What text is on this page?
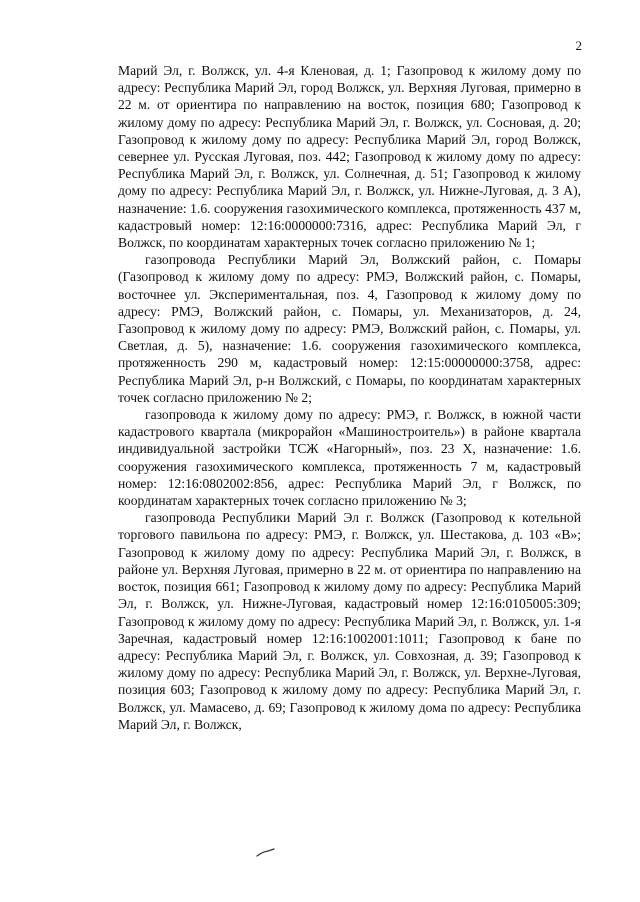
2

Марий Эл, г. Волжск, ул. 4-я Кленовая, д. 1; Газопровод к жилому дому по адресу: Республика Марий Эл, город Волжск, ул. Верхняя Луговая, примерно в 22 м. от ориентира по направлению на восток, позиция 680; Газопровод к жилому дому по адресу: Республика Марий Эл, г. Волжск, ул. Сосновая, д. 20; Газопровод к жилому дому по адресу: Республика Марий Эл, город Волжск, севернее ул. Русская Луговая, поз. 442; Газопровод к жилому дому по адресу: Республика Марий Эл, г. Волжск, ул. Солнечная, д. 51; Газопровод к жилому дому по адресу: Республика Марий Эл, г. Волжск, ул. Нижне-Луговая, д. 3 А), назначение: 1.6. сооружения газохимического комплекса, протяженность 437 м, кадастровый номер: 12:16:0000000:7316, адрес: Республика Марий Эл, г Волжск, по координатам характерных точек согласно приложению № 1;

газопровода Республики Марий Эл, Волжский район, с. Помары (Газопровод к жилому дому по адресу: РМЭ, Волжский район, с. Помары, восточнее ул. Экспериментальная, поз. 4, Газопровод к жилому дому по адресу: РМЭ, Волжский район, с. Помары, ул. Механизаторов, д. 24, Газопровод к жилому дому по адресу: РМЭ, Волжский район, с. Помары, ул. Светлая, д. 5), назначение: 1.6. сооружения газохимического комплекса, протяженность 290 м, кадастровый номер: 12:15:00000000:3758, адрес: Республика Марий Эл, р-н Волжский, с Помары, по координатам характерных точек согласно приложению № 2;

газопровода к жилому дому по адресу: РМЭ, г. Волжск, в южной части кадастрового квартала (микрорайон «Машиностроитель») в районе квартала индивидуальной застройки ТСЖ «Нагорный», поз. 23 Х, назначение: 1.6. сооружения газохимического комплекса, протяженность 7 м, кадастровый номер: 12:16:0802002:856, адрес: Республика Марий Эл, г Волжск, по координатам характерных точек согласно приложению № 3;

газопровода Республики Марий Эл г. Волжск (Газопровод к котельной торгового павильона по адресу: РМЭ, г. Волжск, ул. Шестакова, д. 103 «В»; Газопровод к жилому дому по адресу: Республика Марий Эл, г. Волжск, в районе ул. Верхняя Луговая, примерно в 22 м. от ориентира по направлению на восток, позиция 661; Газопровод к жилому дому по адресу: Республика Марий Эл, г. Волжск, ул. Нижне-Луговая, кадастровый номер 12:16:0105005:309; Газопровод к жилому дому по адресу: Республика Марий Эл, г. Волжск, ул. 1-я Заречная, кадастровый номер 12:16:1002001:1011; Газопровод к бане по адресу: Республика Марий Эл, г. Волжск, ул. Совхозная, д. 39; Газопровод к жилому дому по адресу: Республика Марий Эл, г. Волжск, ул. Верхне-Луговая, позиция 603; Газопровод к жилому дому по адресу: Республика Марий Эл, г. Волжск, ул. Мамасево, д. 69; Газопровод к жилому дома по адресу: Республика Марий Эл, г. Волжск,
